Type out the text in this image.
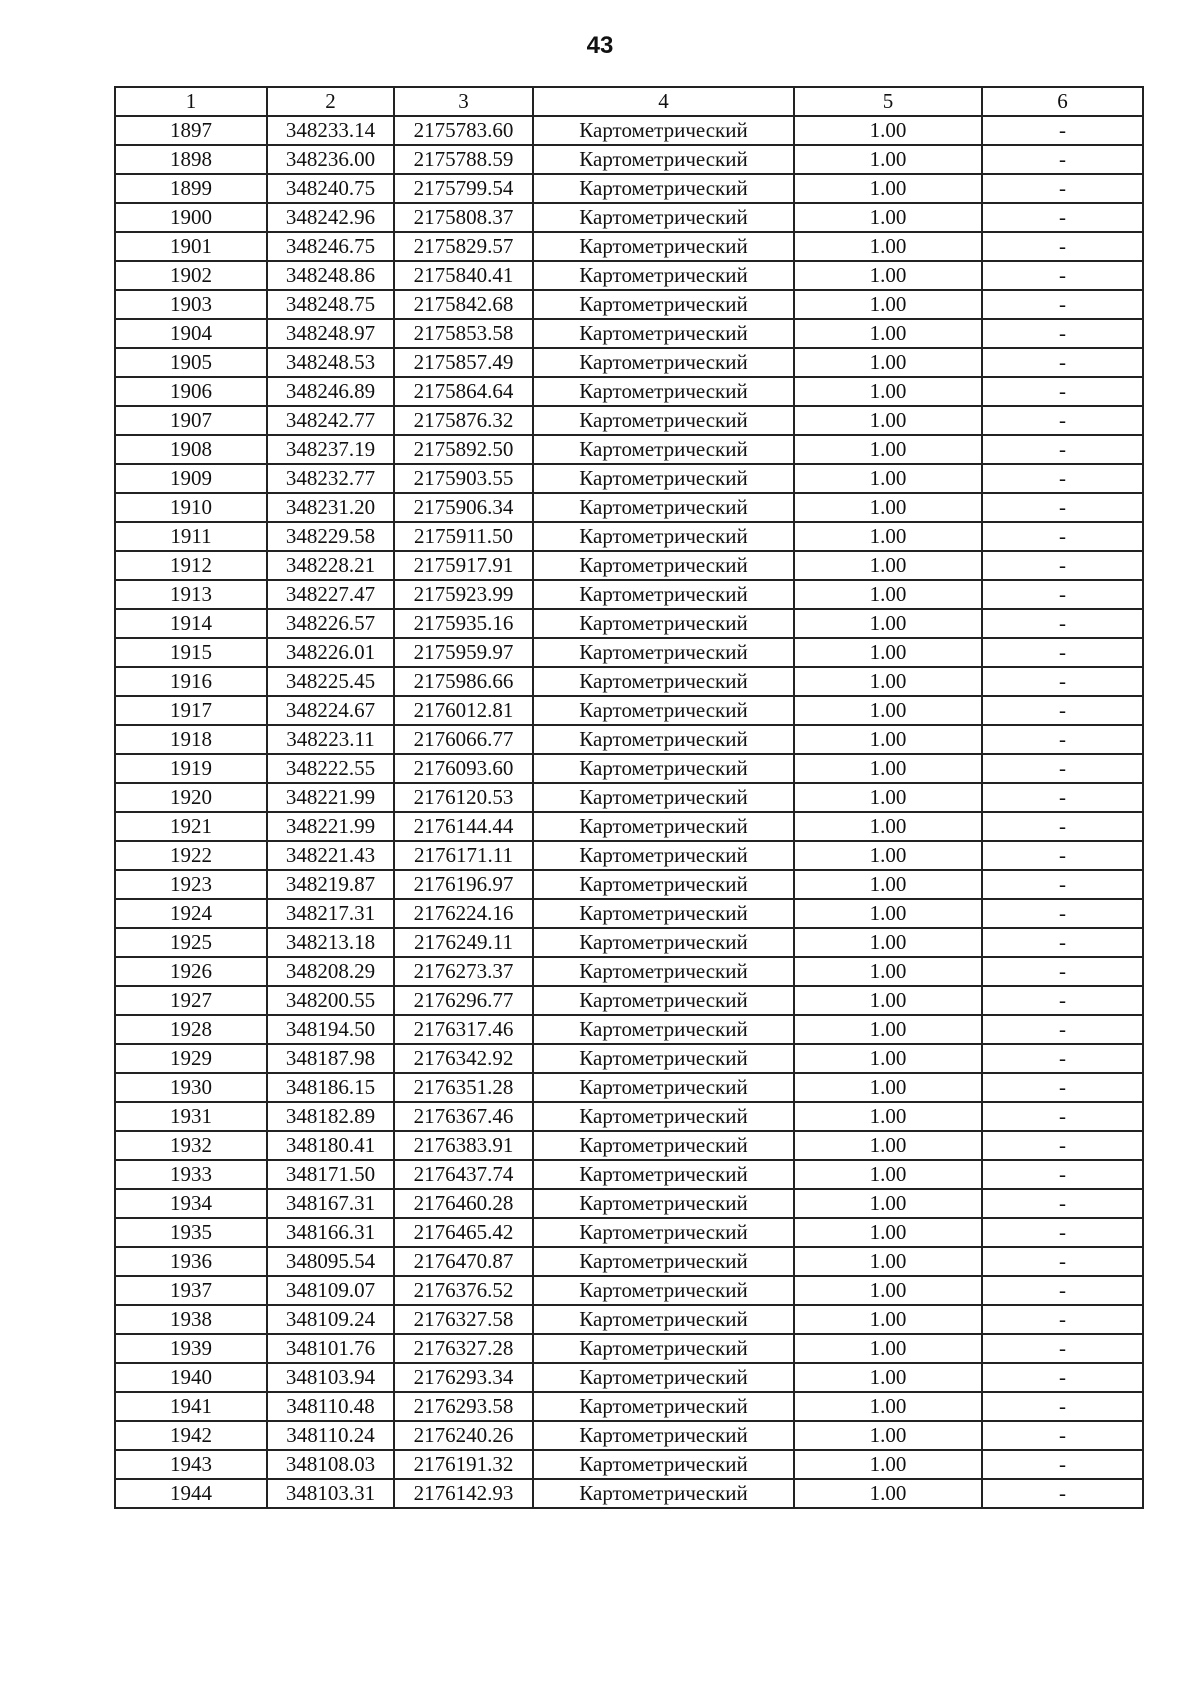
43
1	2	3	4	5	6
1897	348233.14	2175783.60	Картометрический	1.00	-
1898	348236.00	2175788.59	Картометрический	1.00	-
1899	348240.75	2175799.54	Картометрический	1.00	-
1900	348242.96	2175808.37	Картометрический	1.00	-
1901	348246.75	2175829.57	Картометрический	1.00	-
1902	348248.86	2175840.41	Картометрический	1.00	-
1903	348248.75	2175842.68	Картометрический	1.00	-
1904	348248.97	2175853.58	Картометрический	1.00	-
1905	348248.53	2175857.49	Картометрический	1.00	-
1906	348246.89	2175864.64	Картометрический	1.00	-
1907	348242.77	2175876.32	Картометрический	1.00	-
1908	348237.19	2175892.50	Картометрический	1.00	-
1909	348232.77	2175903.55	Картометрический	1.00	-
1910	348231.20	2175906.34	Картометрический	1.00	-
1911	348229.58	2175911.50	Картометрический	1.00	-
1912	348228.21	2175917.91	Картометрический	1.00	-
1913	348227.47	2175923.99	Картометрический	1.00	-
1914	348226.57	2175935.16	Картометрический	1.00	-
1915	348226.01	2175959.97	Картометрический	1.00	-
1916	348225.45	2175986.66	Картометрический	1.00	-
1917	348224.67	2176012.81	Картометрический	1.00	-
1918	348223.11	2176066.77	Картометрический	1.00	-
1919	348222.55	2176093.60	Картометрический	1.00	-
1920	348221.99	2176120.53	Картометрический	1.00	-
1921	348221.99	2176144.44	Картометрический	1.00	-
1922	348221.43	2176171.11	Картометрический	1.00	-
1923	348219.87	2176196.97	Картометрический	1.00	-
1924	348217.31	2176224.16	Картометрический	1.00	-
1925	348213.18	2176249.11	Картометрический	1.00	-
1926	348208.29	2176273.37	Картометрический	1.00	-
1927	348200.55	2176296.77	Картометрический	1.00	-
1928	348194.50	2176317.46	Картометрический	1.00	-
1929	348187.98	2176342.92	Картометрический	1.00	-
1930	348186.15	2176351.28	Картометрический	1.00	-
1931	348182.89	2176367.46	Картометрический	1.00	-
1932	348180.41	2176383.91	Картометрический	1.00	-
1933	348171.50	2176437.74	Картометрический	1.00	-
1934	348167.31	2176460.28	Картометрический	1.00	-
1935	348166.31	2176465.42	Картометрический	1.00	-
1936	348095.54	2176470.87	Картометрический	1.00	-
1937	348109.07	2176376.52	Картометрический	1.00	-
1938	348109.24	2176327.58	Картометрический	1.00	-
1939	348101.76	2176327.28	Картометрический	1.00	-
1940	348103.94	2176293.34	Картометрический	1.00	-
1941	348110.48	2176293.58	Картометрический	1.00	-
1942	348110.24	2176240.26	Картометрический	1.00	-
1943	348108.03	2176191.32	Картометрический	1.00	-
1944	348103.31	2176142.93	Картометрический	1.00	-
